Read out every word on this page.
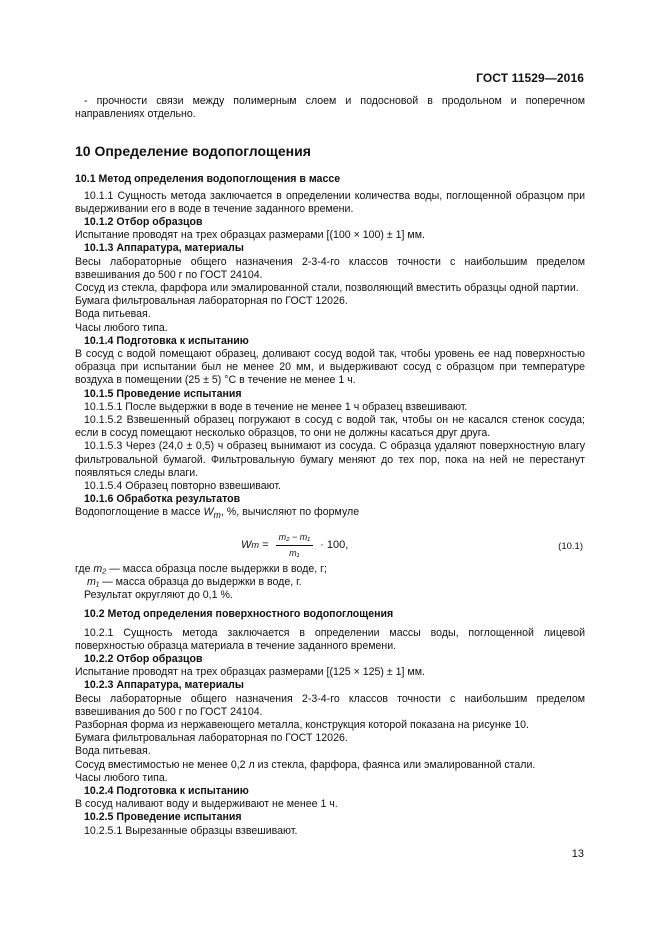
ГОСТ 11529—2016

- прочности связи между полимерным слоем и подосновой в продольном и поперечном направлениях отдельно.

10 Определение водопоглощения

10.1 Метод определения водопоглощения в массе

10.1.1 Сущность метода заключается в определении количества воды, поглощенной образцом при выдерживании его в воде в течение заданного времени.

10.1.2 Отбор образцов

Испытание проводят на трех образцах размерами [(100 × 100) ± 1] мм.

10.1.3 Аппаратура, материалы

Весы лабораторные общего назначения 2-3-4-го классов точности с наибольшим пределом взвешивания до 500 г по ГОСТ 24104.

Сосуд из стекла, фарфора или эмалированной стали, позволяющий вместить образцы одной партии.

Бумага фильтровальная лабораторная по ГОСТ 12026.

Вода питьевая.

Часы любого типа.

10.1.4 Подготовка к испытанию

В сосуд с водой помещают образец, доливают сосуд водой так, чтобы уровень ее над поверхностью образца при испытании был не менее 20 мм, и выдерживают сосуд с образцом при температуре воздуха в помещении (25 ± 5) °С в течение не менее 1 ч.

10.1.5 Проведение испытания

10.1.5.1 После выдержки в воде в течение не менее 1 ч образец взвешивают.

10.1.5.2 Взвешенный образец погружают в сосуд с водой так, чтобы он не касался стенок сосуда; если в сосуд помещают несколько образцов, то они не должны касаться друг друга.

10.1.5.3 Через (24,0 ± 0,5) ч образец вынимают из сосуда. С образца удаляют поверхностную влагу фильтровальной бумагой. Фильтровальную бумагу меняют до тех пор, пока на ней не перестанут появляться следы влаги.

10.1.5.4 Образец повторно взвешивают.

10.1.6 Обработка результатов

Водопоглощение в массе $W_m$, %, вычисляют по формуле

W $m = \frac{\text{m₂ − m₁}}{\text{m₁}} \cdot 100$,	(10.1)

где m₂ — масса образца после выдержки в воде, г;

m₁ — масса образца до выдержки в воде, г.

Результат округляют до 0,1 %.

10.2 Метод определения поверхностного водопоглощения

10.2.1 Сущность метода заключается в определении массы воды, поглощенной лицевой поверхностью образца материала в течение заданного времени.

10.2.2 Отбор образцов

Испытание проводят на трех образцах размерами [(125 × 125) ± 1] мм.

10.2.3 Аппаратура, материалы

Весы лабораторные общего назначения 2-3-4-го классов точности с наибольшим пределом взвешивания до 500 г по ГОСТ 24104.

Разборная форма из нержавеющего металла, конструкция которой показана на рисунке 10.

Бумага фильтровальная лабораторная по ГОСТ 12026.

Вода питьевая.

Сосуд вместимостью не менее 0,2 л из стекла, фарфора, фаянса или эмалированной стали.

Часы любого типа.

10.2.4 Подготовка к испытанию

В сосуд наливают воду и выдерживают не менее 1 ч.

10.2.5 Проведение испытания

10.2.5.1 Вырезанные образцы взвешивают.

13
